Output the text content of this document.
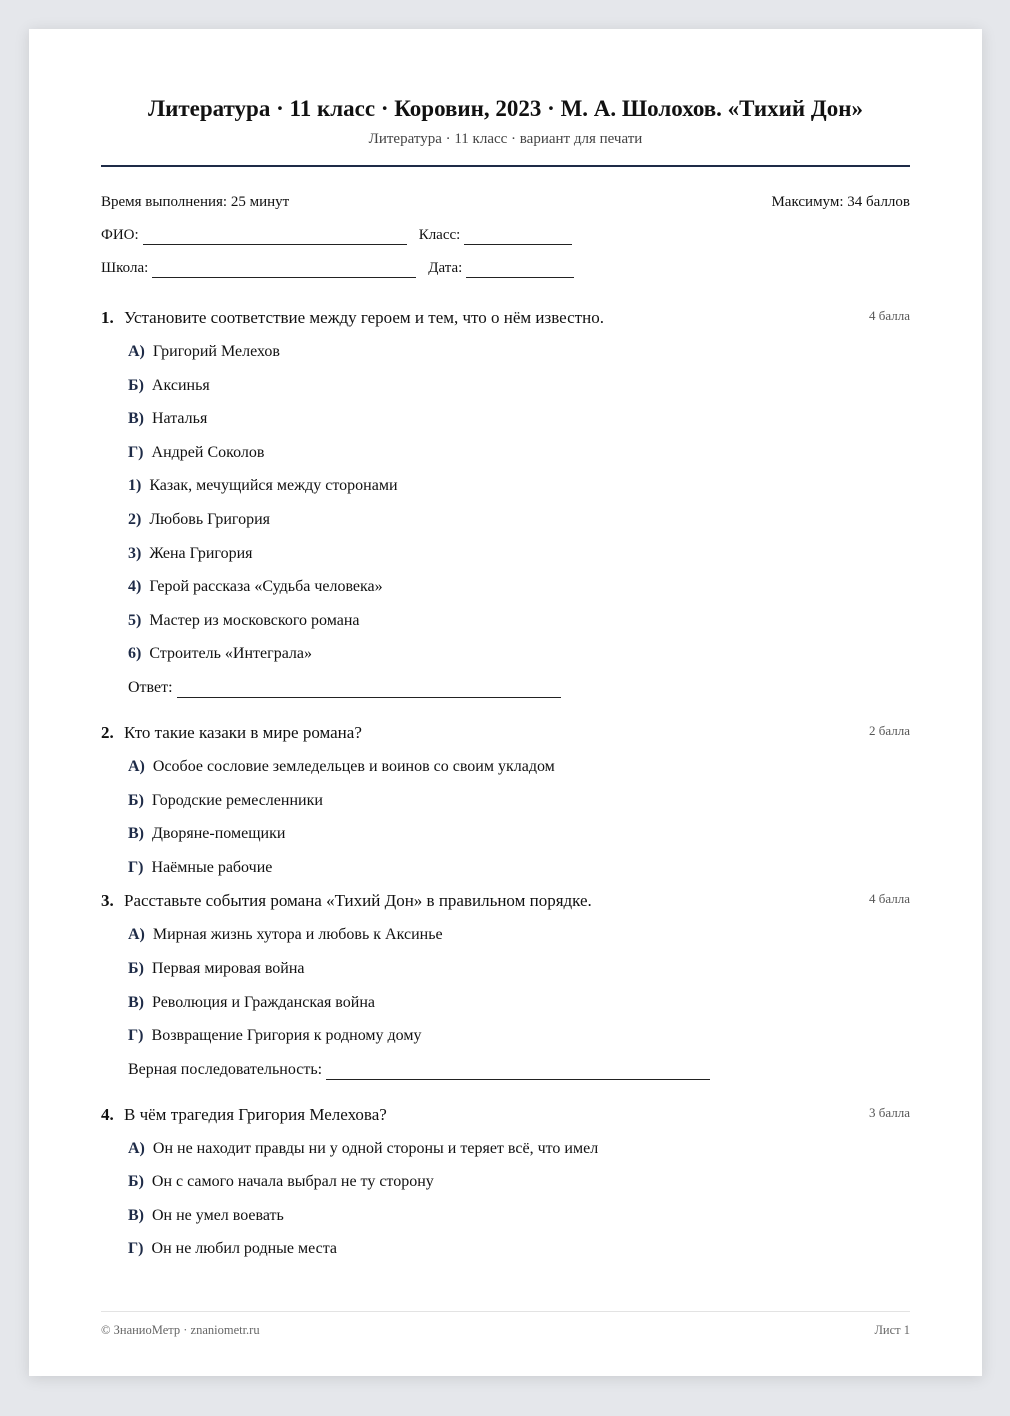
Литература · 11 класс · Коровин, 2023 · М. А. Шолохов. «Тихий Дон»
Литература · 11 класс · вариант для печати
Время выполнения: 25 минут	Максимум: 34 баллов
ФИО:	Класс:
Школа:	Дата:
1. Установите соответствие между героем и тем, что о нём известно.	4 балла
А) Григорий Мелехов
Б) Аксинья
В) Наталья
Г) Андрей Соколов
1) Казак, мечущийся между сторонами
2) Любовь Григория
3) Жена Григория
4) Герой рассказа «Судьба человека»
5) Мастер из московского романа
6) Строитель «Интеграла»
Ответ:
2. Кто такие казаки в мире романа?	2 балла
А) Особое сословие земледельцев и воинов со своим укладом
Б) Городские ремесленники
В) Дворяне-помещики
Г) Наёмные рабочие
3. Расставьте события романа «Тихий Дон» в правильном порядке.	4 балла
А) Мирная жизнь хутора и любовь к Аксинье
Б) Первая мировая война
В) Революция и Гражданская война
Г) Возвращение Григория к родному дому
Верная последовательность:
4. В чём трагедия Григория Мелехова?	3 балла
А) Он не находит правды ни у одной стороны и теряет всё, что имел
Б) Он с самого начала выбрал не ту сторону
В) Он не умел воевать
Г) Он не любил родные места
© ЗнаниоМетр · znaniometr.ru	Лист 1
